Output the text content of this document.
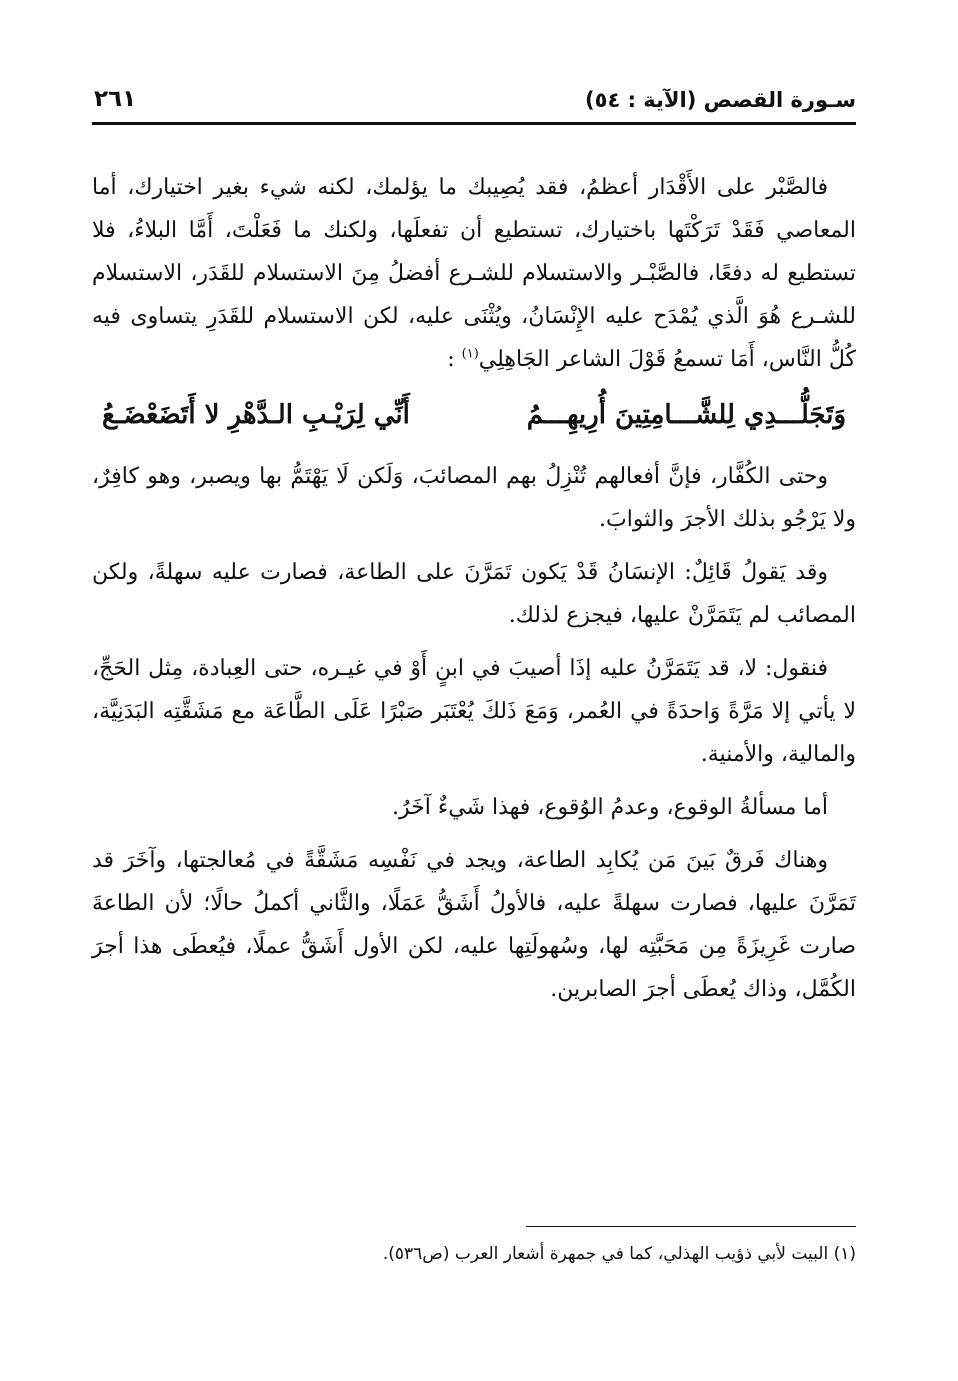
سـورة القصص (الآية : ٥٤)
٢٦١

فالصَّبْر على الأَقْدَار أعظمُ، فقد يُصِيبك ما يؤلمك، لكنه شيء بغير اختيارك، أما المعاصي فَقَدْ تَرَكْتَها باختيارك، تستطيع أن تفعلَها، ولكنك ما فَعَلْتَ، أَمَّا البلاءُ، فلا تستطيع له دفعًا، فالصَّبْـر والاستسلام للشـرع أفضلُ مِنَ الاستسلام للقَدَر، الاستسلام للشـرع هُوَ الَّذي يُمْدَح عليه الإِنْسَانُ، ويُثْنَى عليه، لكن الاستسلام للقَدَرِ يتساوى فيه كُلُّ النَّاس، أَمَا تسمعُ قَوْلَ الشاعر الجَاهِلِي$^{(١)}$ :

وَتَجَلُّـــدِي لِلشَّـــامِتِينَ أُرِيهِـــمُ
أَنِّي لِرَيْـبِ الـدَّهْرِ لا أَتَضَعْضَـعُ

وحتى الكُفَّار، فإنَّ أفعالهم تُنْزِلُ بهم المصائبَ، وَلَكن لَا يَهْتَمُّ بها ويصبر، وهو كافِرٌ، ولا يَرْجُو بذلك الأجرَ والثوابَ.

وقد يَقولُ قَائِلٌ: الإنسَانُ قَدْ يَكون تَمَرَّنَ على الطاعة، فصارت عليه سهلةً، ولكن المصائب لم يَتَمَرَّنْ عليها، فيجزع لذلك.

فنقول: لا، قد يَتَمَرَّنُ عليه إذَا أصيبَ في ابنٍ أَوْ في غيـره، حتى العِبادة، مِثل الحَجِّ، لا يأتي إلا مَرَّةً وَاحدَةً في العُمر، وَمَعَ ذَلكَ يُعْتَبَر صَبْرًا عَلَى الطَّاعَة مع مَشَقَّتِه البَدَنِيَّة، والمالية، والأمنية.

أما مسألةُ الوقوع، وعدمُ الوُقوع، فهذا شَيءٌ آخَرُ.

وهناك فَرقٌ بَينَ مَن يُكابِد الطاعة، ويجد في نَفْسِه مَشَقَّةً في مُعالجتها، وآخَرَ قد تَمَرَّنَ عليها، فصارت سهلةً عليه، فالأولُ أَشَقُّ عَمَلًا، والثَّاني أكملُ حالًا؛ لأن الطاعةَ صارت غَرِيزَةً مِن مَحَبَّتِه لها، وسُهولَتِها عليه، لكن الأول أَشَقُّ عملًا، فيُعطَى هذا أجرَ الكُمَّل، وذاك يُعطَى أجرَ الصابرين.

(١) البيت لأبي ذؤيب الهذلي، كما في جمهرة أشعار العرب (ص٥٣٦).
